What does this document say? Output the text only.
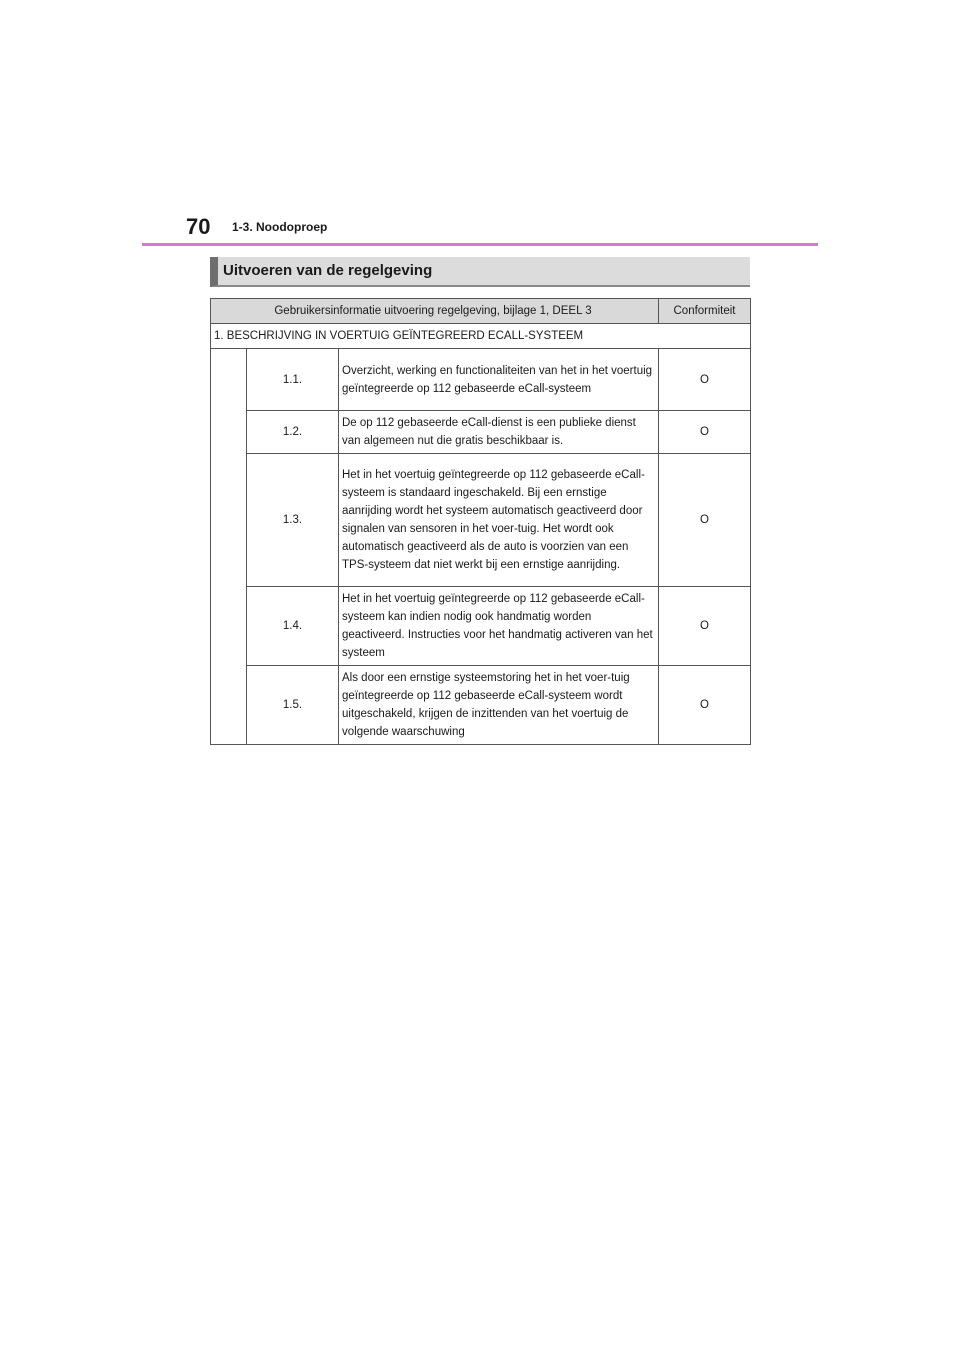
70 1-3. Noodoproep
Uitvoeren van de regelgeving
Gebruikersinformatie uitvoering regelgeving, bijlage 1, DEEL 3			Conformiteit
1. BESCHRIJVING IN VOERTUIG GEÏNTEGREERD ECALL-SYSTEEM			
	1.1.	Overzicht, werking en functionaliteiten van het in het voertuig geïntegreerde op 112 gebaseerde eCall-systeem	O
	1.2.	De op 112 gebaseerde eCall-dienst is een publieke dienst van algemeen nut die gratis beschikbaar is.	O
	1.3.	Het in het voertuig geïntegreerde op 112 gebaseerde eCall-systeem is standaard ingeschakeld. Bij een ernstige aanrijding wordt het systeem automatisch geactiveerd door signalen van sensoren in het voer-tuig. Het wordt ook automatisch geactiveerd als de auto is voorzien van een TPS-systeem dat niet werkt bij een ernstige aanrijding.	O
	1.4.	Het in het voertuig geïntegreerde op 112 gebaseerde eCall-systeem kan indien nodig ook handmatig worden geactiveerd. Instructies voor het handmatig activeren van het systeem	O
	1.5.	Als door een ernstige systeemstoring het in het voer-tuig geïntegreerde op 112 gebaseerde eCall-systeem wordt uitgeschakeld, krijgen de inzittenden van het voertuig de volgende waarschuwing	O
